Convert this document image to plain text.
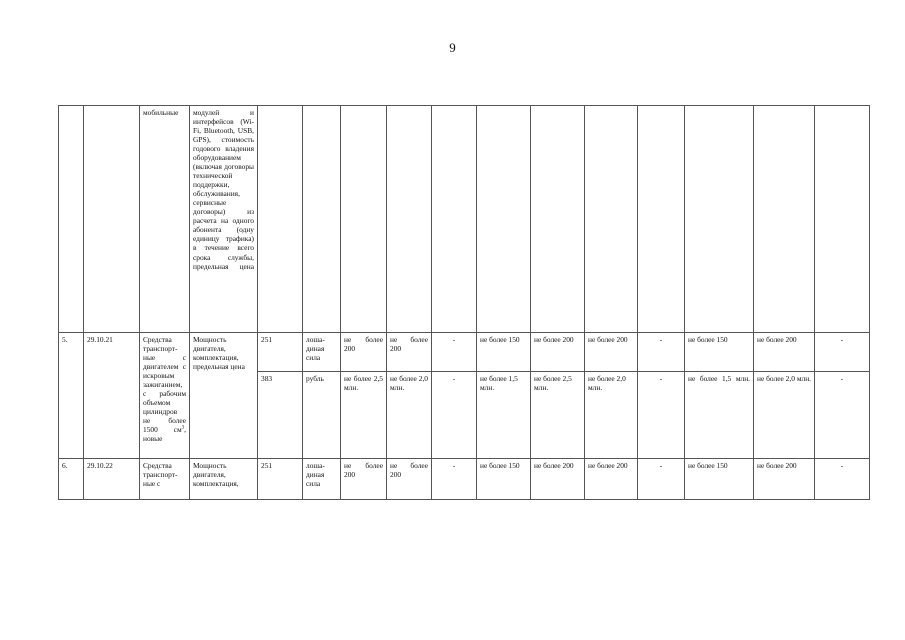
9
		мобильные	модулей и интерфейсов (Wi-Fi, Bluetooth, USB, GPS), стоимость годового владения оборудованием (включая договоры технической поддержки, обслуживания, сервисные договоры) из расчета на одного абонента (одну единицу трафика) в течение всего срока службы, предельная цена												
5.	29.10.21	Средства транспорт-ные с двигателем с искровым зажиганием, с рабочим объемом цилиндров не более 1500 $см^3$, новые	Мощность двигателя, комплектация, предельная цена	251	лоша-диная сила	не более 200	не более 200	-	не более 150	не более 200	не более 200	-	не более 150	не более 200	-
				383	рубль	не более 2,5 млн.	не более 2,0 млн.	-	не более 1,5 млн.	не более 2,5 млн.	не более 2,0 млн.	-	не более 1,5 млн.	не более 2,0 млн.	-
6.	29.10.22	Средства транспорт-ные с	Мощность двигателя, комплектация,	251	лоша-диная сила	не более 200	не более 200	-	не более 150	не более 200	не более 200	-	не более 150	не более 200	-
